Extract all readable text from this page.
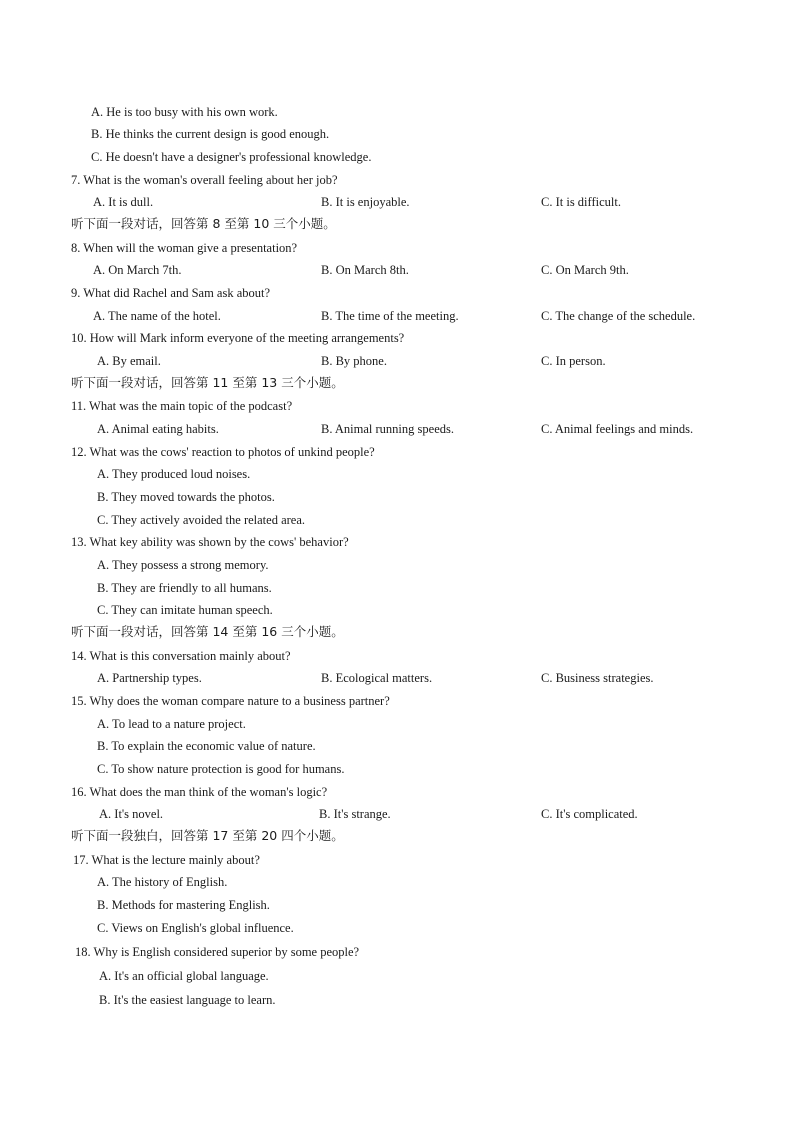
A. He is too busy with his own work.
B. He thinks the current design is good enough.
C. He doesn't have a designer's professional knowledge.
7. What is the woman's overall feeling about her job?
A. It is dull.	B. It is enjoyable.	C. It is difficult.
听下面一段对话，回答第 8 至第 10 三个小题。
8. When will the woman give a presentation?
A. On March 7th.	B. On March 8th.	C. On March 9th.
9. What did Rachel and Sam ask about?
A. The name of the hotel.	B. The time of the meeting.	C. The change of the schedule.
10. How will Mark inform everyone of the meeting arrangements?
A. By email.	B. By phone.	C. In person.
听下面一段对话，回答第 11 至第 13 三个小题。
11. What was the main topic of the podcast?
A. Animal eating habits.	B. Animal running speeds.	C. Animal feelings and minds.
12. What was the cows' reaction to photos of unkind people?
A. They produced loud noises.
B. They moved towards the photos.
C. They actively avoided the related area.
13. What key ability was shown by the cows' behavior?
A. They possess a strong memory.
B. They are friendly to all humans.
C. They can imitate human speech.
听下面一段对话，回答第 14 至第 16 三个小题。
14. What is this conversation mainly about?
A. Partnership types.	B. Ecological matters.	C. Business strategies.
15. Why does the woman compare nature to a business partner?
A. To lead to a nature project.
B. To explain the economic value of nature.
C. To show nature protection is good for humans.
16. What does the man think of the woman's logic?
A. It's novel.	B. It's strange.	C. It's complicated.
听下面一段独白，回答第 17 至第 20 四个小题。
17. What is the lecture mainly about?
A. The history of English.
B. Methods for mastering English.
C. Views on English's global influence.
18. Why is English considered superior by some people?
A. It's an official global language.
B. It's the easiest language to learn.
